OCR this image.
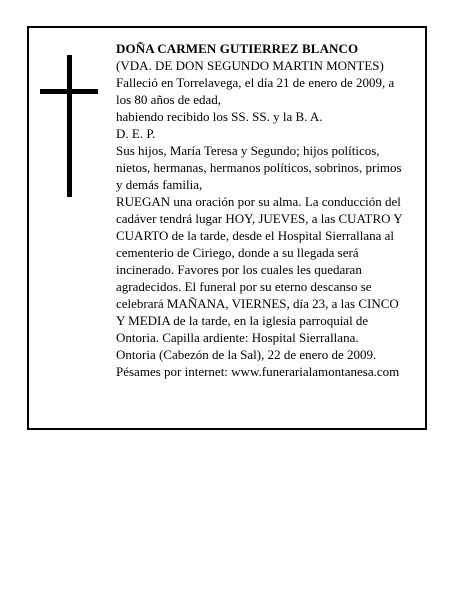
DOÑA CARMEN GUTIERREZ BLANCO
(VDA. DE DON SEGUNDO MARTIN MONTES)
Falleció en Torrelavega, el día 21 de enero de 2009, a
los 80 años de edad,
habiendo recibido los SS. SS. y la B. A.
D. E. P.
Sus hijos, María Teresa y Segundo; hijos políticos,
nietos, hermanas, hermanos políticos, sobrinos, primos
y demás familia,
RUEGAN una oración por su alma. La conducción del
cadáver tendrá lugar HOY, JUEVES, a las CUATRO Y
CUARTO de la tarde, desde el Hospital Sierrallana al
cementerio de Ciriego, donde a su llegada será
incinerado. Favores por los cuales les quedaran
agradecidos. El funeral por su eterno descanso se
celebrará MAÑANA, VIERNES, día 23, a las CINCO
Y MEDIA de la tarde, en la iglesia parroquial de
Ontoria. Capilla ardiente: Hospital Sierrallana.
Ontoria (Cabezón de la Sal), 22 de enero de 2009.
Pésames por internet: www.funerarialamontanesa.com
